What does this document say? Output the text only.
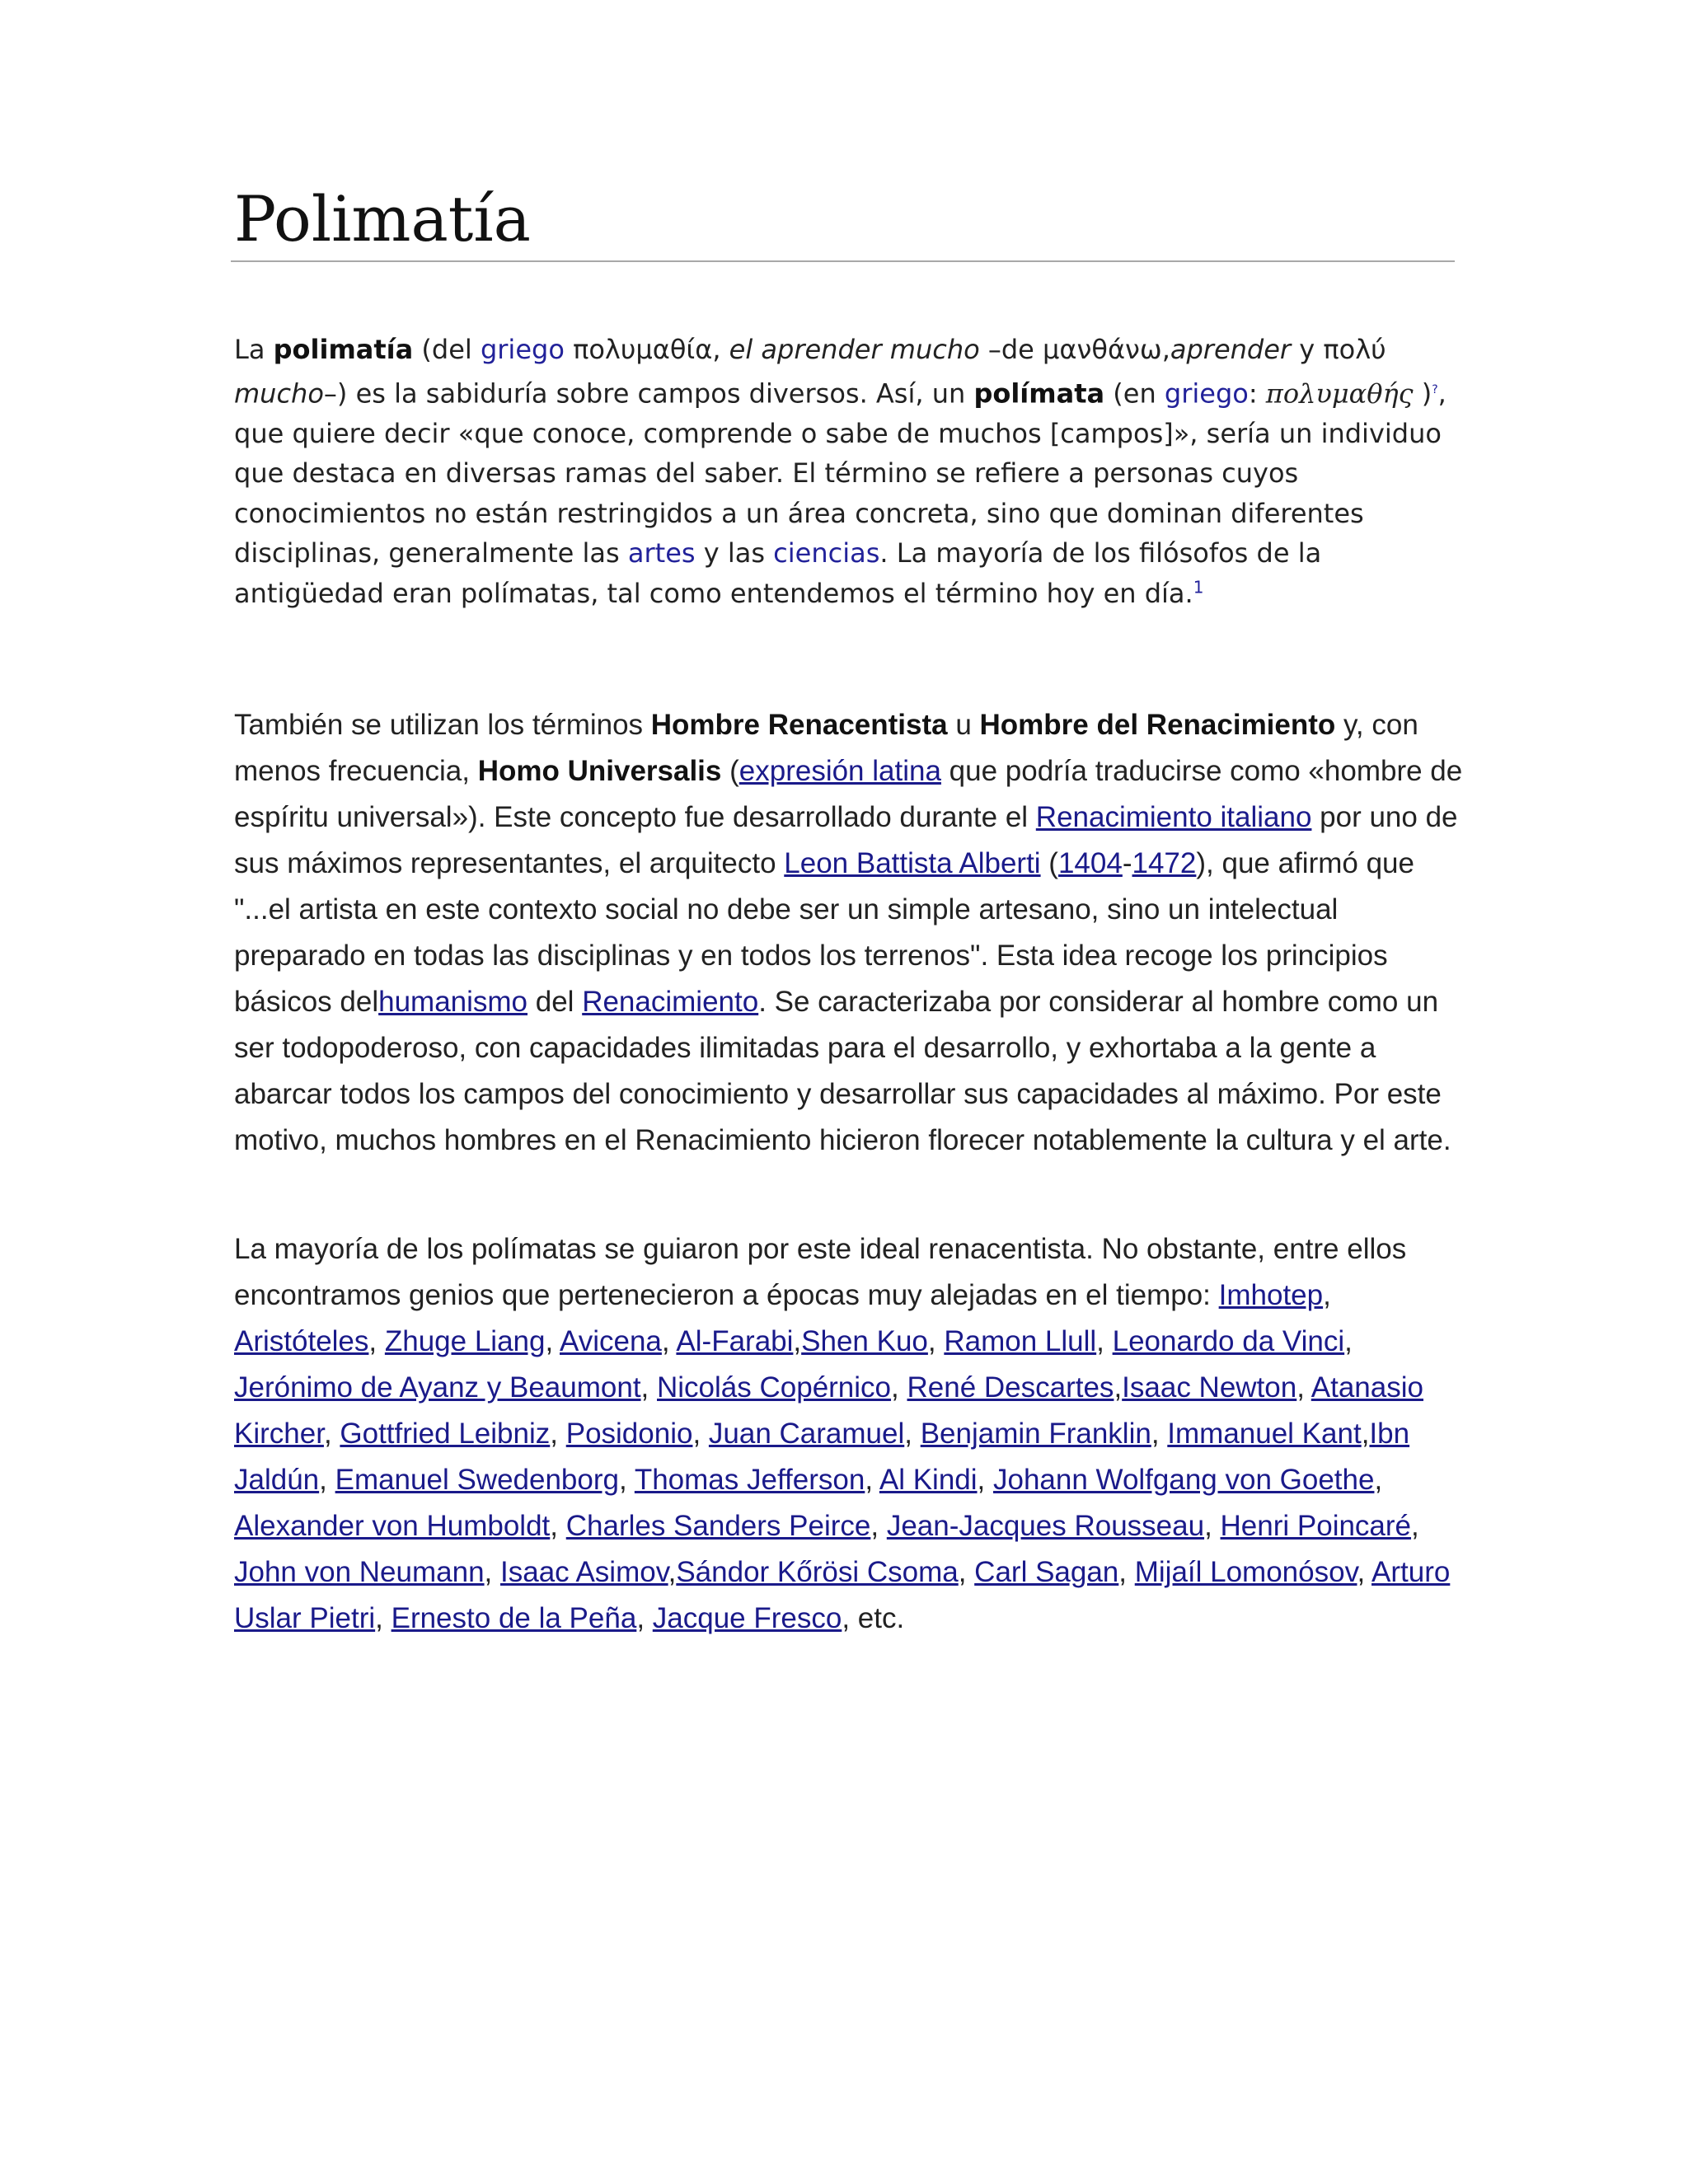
Polimatía

La polimatía (del griego πολυμαθία, el aprender mucho –de μανθάνω,aprender y πολύ mucho–) es la sabiduría sobre campos diversos. Así, un polímata (en griego: πολυμαθής )?, que quiere decir «que conoce, comprende o sabe de muchos [campos]», sería un individuo que destaca en diversas ramas del saber. El término se refiere a personas cuyos conocimientos no están restringidos a un área concreta, sino que dominan diferentes disciplinas, generalmente las artes y las ciencias. La mayoría de los filósofos de la antigüedad eran polímatas, tal como entendemos el término hoy en día.$^1$

También se utilizan los términos Hombre Renacentista u Hombre del Renacimiento y, con menos frecuencia, Homo Universalis (expresión latina que podría traducirse como «hombre de espíritu universal»). Este concepto fue desarrollado durante el Renacimiento italiano por uno de sus máximos representantes, el arquitecto Leon Battista Alberti (1404-1472), que afirmó que "...el artista en este contexto social no debe ser un simple artesano, sino un intelectual preparado en todas las disciplinas y en todos los terrenos". Esta idea recoge los principios básicos delhumanismo del Renacimiento. Se caracterizaba por considerar al hombre como un ser todopoderoso, con capacidades ilimitadas para el desarrollo, y exhortaba a la gente a abarcar todos los campos del conocimiento y desarrollar sus capacidades al máximo. Por este motivo, muchos hombres en el Renacimiento hicieron florecer notablemente la cultura y el arte.

La mayoría de los polímatas se guiaron por este ideal renacentista. No obstante, entre ellos encontramos genios que pertenecieron a épocas muy alejadas en el tiempo: Imhotep, Aristóteles, Zhuge Liang, Avicena, Al-Farabi,Shen Kuo, Ramon Llull, Leonardo da Vinci, Jerónimo de Ayanz y Beaumont, Nicolás Copérnico, René Descartes,Isaac Newton, Atanasio Kircher, Gottfried Leibniz, Posidonio, Juan Caramuel, Benjamin Franklin, Immanuel Kant,Ibn Jaldún, Emanuel Swedenborg, Thomas Jefferson, Al Kindi, Johann Wolfgang von Goethe, Alexander von Humboldt, Charles Sanders Peirce, Jean-Jacques Rousseau, Henri Poincaré, John von Neumann, Isaac Asimov,Sándor Kőrösi Csoma, Carl Sagan, Mijaíl Lomonósov, Arturo Uslar Pietri, Ernesto de la Peña, Jacque Fresco, etc.
